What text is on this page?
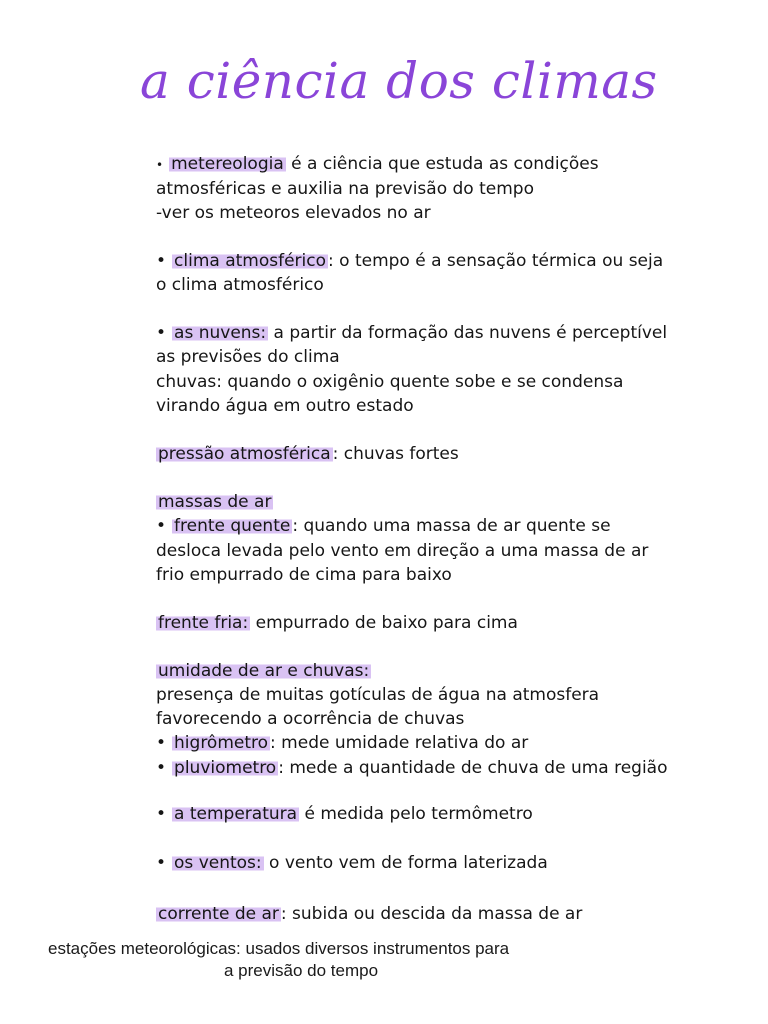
a ciência dos climas

• metereologia é a ciência que estuda as condições

atmosféricas e auxilia na previsão do tempo

-ver os meteoros elevados no ar

• clima atmosférico : o tempo é a sensação térmica ou seja

o clima atmosférico

• as nuvens: a partir da formação das nuvens é perceptível

as previsões do clima

chuvas: quando o oxigênio quente sobe e se condensa

virando água em outro estado

pressão atmosférica : chuvas fortes

massas de ar

• frente quente : quando uma massa de ar quente se

desloca levada pelo vento em direção a uma massa de ar

frio empurrado de cima para baixo

frente fria: empurrado de baixo para cima

umidade de ar e chuvas:

presença de muitas gotículas de água na atmosfera

favorecendo a ocorrência de chuvas

• higrômetro : mede umidade relativa do ar

• pluviometro : mede a quantidade de chuva de uma região

• a temperatura é medida pelo termômetro

• os ventos: o vento vem de forma laterizada

corrente de ar : subida ou descida da massa de ar

estações meteorológicas: usados diversos instrumentos para
a previsão do tempo
